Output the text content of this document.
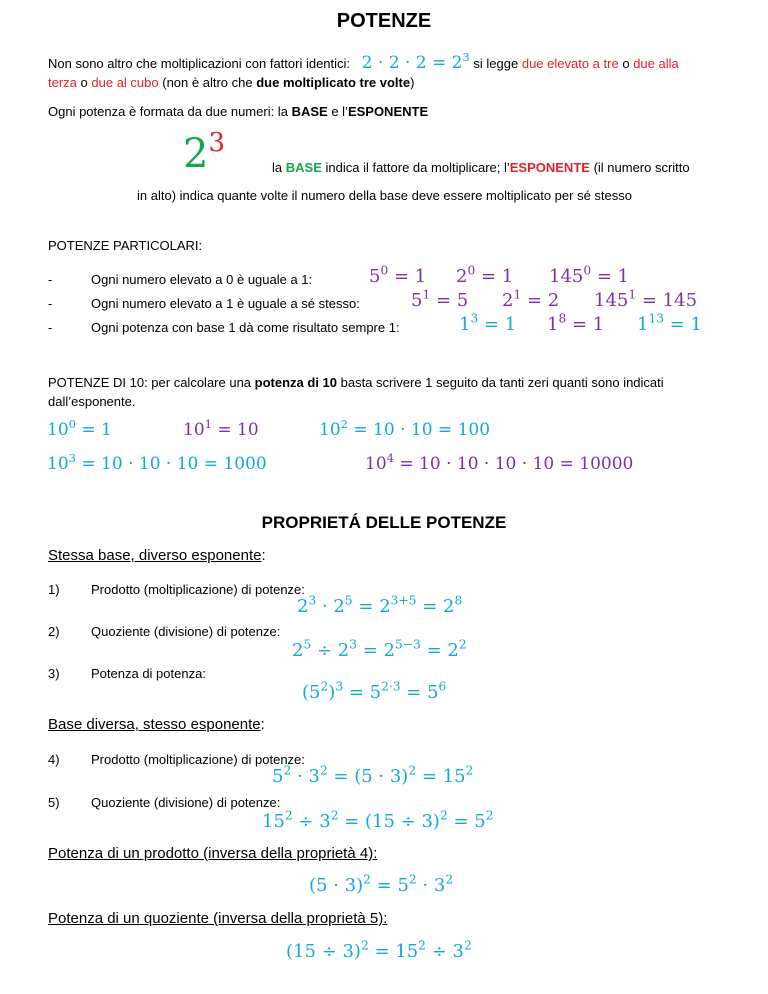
POTENZE
Non sono altro che moltiplicazioni con fattori identici: $2 \cdot 2 \cdot 2 = 2^3$ si legge due elevato a tre o due alla
terza o due al cubo (non è altro che due moltiplicato tre volte)
Ogni potenza è formata da due numeri: la BASE e l’ESPONENTE
$2^3$
la BASE indica il fattore da moltiplicare; l’ESPONENTE (il numero scritto
in alto) indica quante volte il numero della base deve essere moltiplicato per sé stesso
POTENZE PARTICOLARI:
-	Ogni numero elevato a 0 è uguale a 1:	$5^0 = 1$ $2^0 = 1$ $145^0 = 1$
-	Ogni numero elevato a 1 è uguale a sé stesso:	$5^1 = 5$ $2^1 = 2$ $145^1 = 145$
-	Ogni potenza con base 1 dà come risultato sempre 1:	$1^3 = 1$ $1^8 = 1$ $1^{13} = 1$
POTENZE DI 10: per calcolare una potenza di 10 basta scrivere 1 seguito da tanti zeri quanti sono indicati
dall’esponente.
$10^0 = 1$	$10^1 = 10$	$10^2 = 10 \cdot 10 = 100$
$10^3 = 10 \cdot 10 \cdot 10 = 1000$	$10^4 = 10 \cdot 10 \cdot 10 \cdot 10 = 10000$
PROPRIETÁ DELLE POTENZE
Stessa base, diverso esponente:
1) Prodotto (moltiplicazione) di potenze:
$2^3 \cdot 2^5 = 2^{3+5} = 2^8$
2) Quoziente (divisione) di potenze:
$2^5 \div 2^3 = 2^{5-3} = 2^2$
3) Potenza di potenza:
$(5^2)^3 = 5^{2\cdot 3} = 5^6$
Base diversa, stesso esponente:
4) Prodotto (moltiplicazione) di potenze:
$5^2 \cdot 3^2 = (5 \cdot 3)^2 = 15^2$
5) Quoziente (divisione) di potenze:
$15^2 \div 3^2 = (15 \div 3)^2 = 5^2$
Potenza di un prodotto (inversa della proprietà 4):
$(5 \cdot 3)^2 = 5^2 \cdot 3^2$
Potenza di un quoziente (inversa della proprietà 5):
$(15 \div 3)^2 = 15^2 \div 3^2$
